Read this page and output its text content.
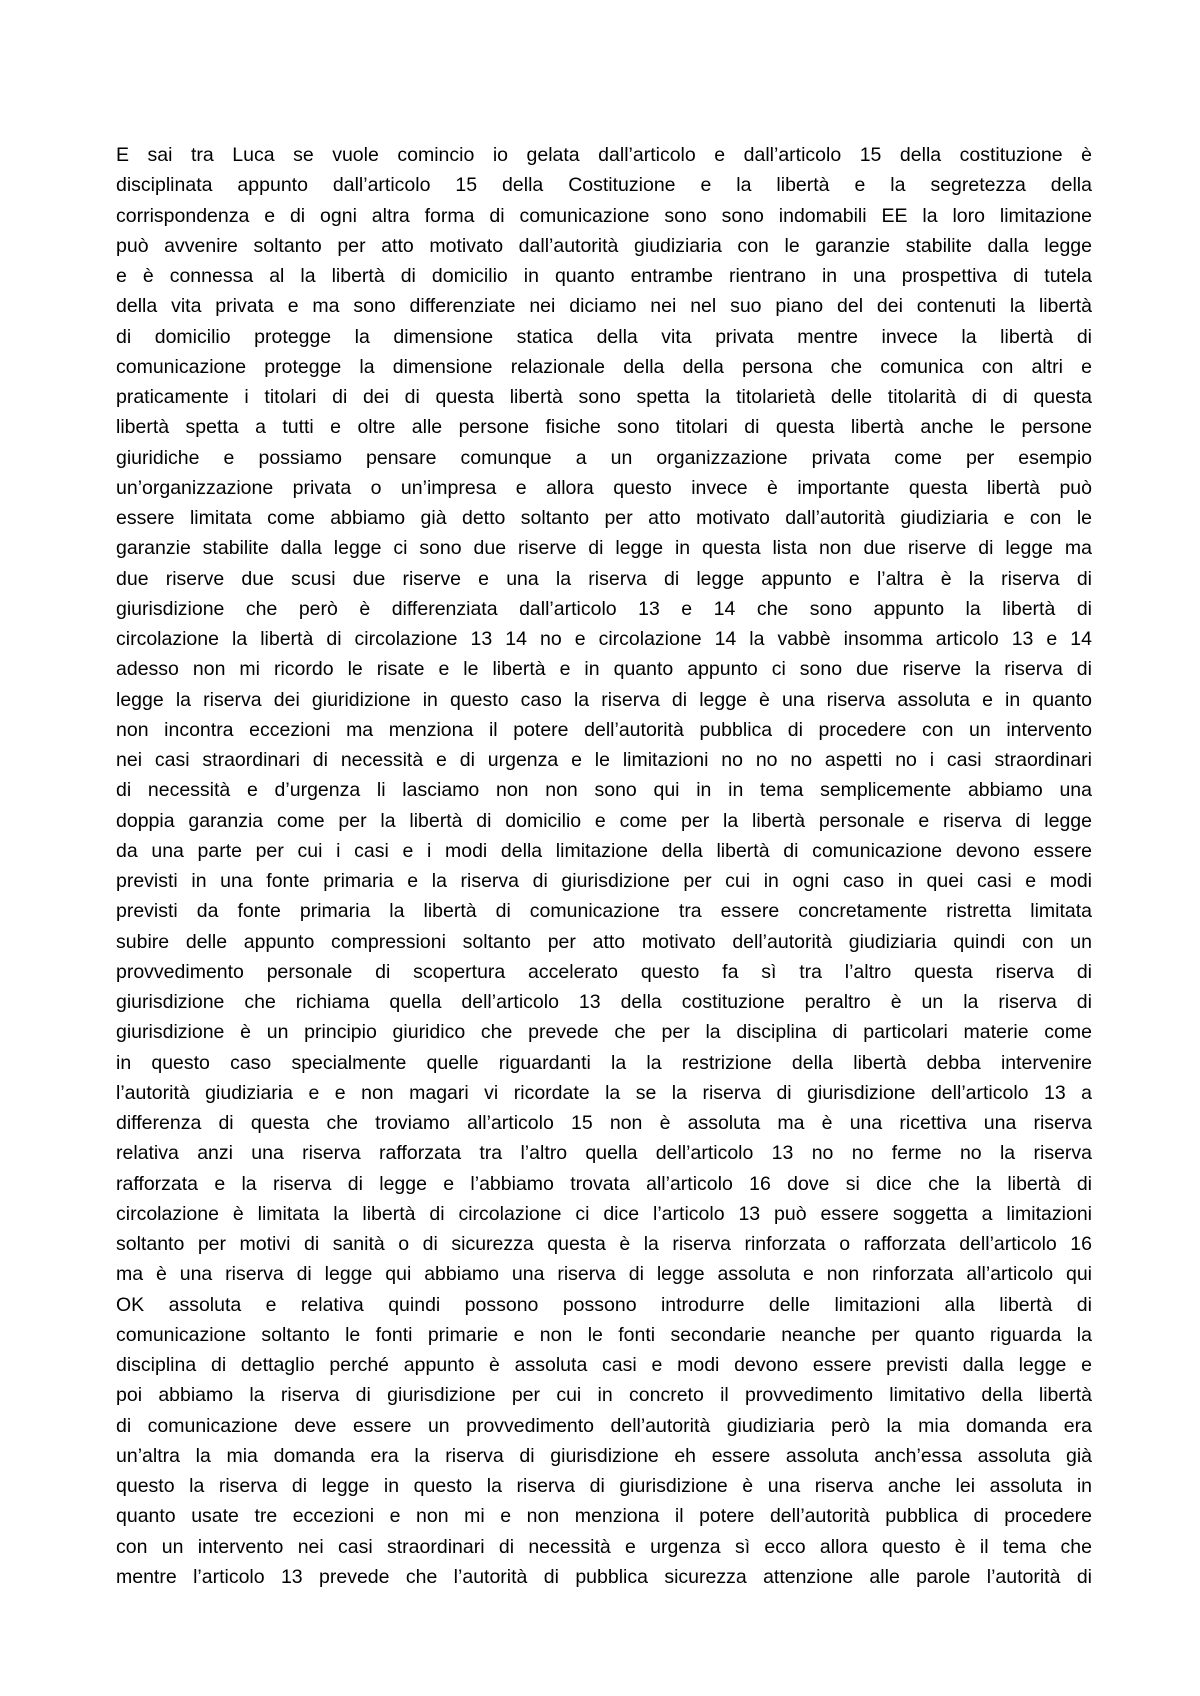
E sai tra Luca se vuole comincio io gelata dall’articolo e dall’articolo 15 della costituzione è
disciplinata appunto dall’articolo 15 della Costituzione e la libertà e la segretezza della
corrispondenza e di ogni altra forma di comunicazione sono sono indomabili EE la loro limitazione
può avvenire soltanto per atto motivato dall’autorità giudiziaria con le garanzie stabilite dalla legge
e è connessa al la libertà di domicilio in quanto entrambe rientrano in una prospettiva di tutela
della vita privata e ma sono differenziate nei diciamo nei nel suo piano del dei contenuti la libertà
di domicilio protegge la dimensione statica della vita privata mentre invece la libertà di
comunicazione protegge la dimensione relazionale della della persona che comunica con altri e
praticamente i titolari di dei di questa libertà sono spetta la titolarietà delle titolarità di di questa
libertà spetta a tutti e oltre alle persone fisiche sono titolari di questa libertà anche le persone
giuridiche e possiamo pensare comunque a un organizzazione privata come per esempio
un’organizzazione privata o un’impresa e allora questo invece è importante questa libertà può
essere limitata come abbiamo già detto soltanto per atto motivato dall’autorità giudiziaria e con le
garanzie stabilite dalla legge ci sono due riserve di legge in questa lista non due riserve di legge ma
due riserve due scusi due riserve e una la riserva di legge appunto e l’altra è la riserva di
giurisdizione che però è differenziata dall’articolo 13 e 14 che sono appunto la libertà di
circolazione la libertà di circolazione 13 14 no e circolazione 14 la vabbè insomma articolo 13 e 14
adesso non mi ricordo le risate e le libertà e in quanto appunto ci sono due riserve la riserva di
legge la riserva dei giuridizione in questo caso la riserva di legge è una riserva assoluta e in quanto
non incontra eccezioni ma menziona il potere dell’autorità pubblica di procedere con un intervento
nei casi straordinari di necessità e di urgenza e le limitazioni no no no aspetti no i casi straordinari
di necessità e d’urgenza li lasciamo non non sono qui in in tema semplicemente abbiamo una
doppia garanzia come per la libertà di domicilio e come per la libertà personale e riserva di legge
da una parte per cui i casi e i modi della limitazione della libertà di comunicazione devono essere
previsti in una fonte primaria e la riserva di giurisdizione per cui in ogni caso in quei casi e modi
previsti da fonte primaria la libertà di comunicazione tra essere concretamente ristretta limitata
subire delle appunto compressioni soltanto per atto motivato dell’autorità giudiziaria quindi con un
provvedimento personale di scopertura accelerato questo fa sì tra l’altro questa riserva di
giurisdizione che richiama quella dell’articolo 13 della costituzione peraltro è un la riserva di
giurisdizione è un principio giuridico che prevede che per la disciplina di particolari materie come
in questo caso specialmente quelle riguardanti la la restrizione della libertà debba intervenire
l’autorità giudiziaria e e non magari vi ricordate la se la riserva di giurisdizione dell’articolo 13 a
differenza di questa che troviamo all’articolo 15 non è assoluta ma è una ricettiva una riserva
relativa anzi una riserva rafforzata tra l’altro quella dell’articolo 13 no no ferme no la riserva
rafforzata e la riserva di legge e l’abbiamo trovata all’articolo 16 dove si dice che la libertà di
circolazione è limitata la libertà di circolazione ci dice l’articolo 13 può essere soggetta a limitazioni
soltanto per motivi di sanità o di sicurezza questa è la riserva rinforzata o rafforzata dell’articolo 16
ma è una riserva di legge qui abbiamo una riserva di legge assoluta e non rinforzata all’articolo qui
OK assoluta e relativa quindi possono possono introdurre delle limitazioni alla libertà di
comunicazione soltanto le fonti primarie e non le fonti secondarie neanche per quanto riguarda la
disciplina di dettaglio perché appunto è assoluta casi e modi devono essere previsti dalla legge e
poi abbiamo la riserva di giurisdizione per cui in concreto il provvedimento limitativo della libertà
di comunicazione deve essere un provvedimento dell’autorità giudiziaria però la mia domanda era
un’altra la mia domanda era la riserva di giurisdizione eh essere assoluta anch’essa assoluta già
questo la riserva di legge in questo la riserva di giurisdizione è una riserva anche lei assoluta in
quanto usate tre eccezioni e non mi e non menziona il potere dell’autorità pubblica di procedere
con un intervento nei casi straordinari di necessità e urgenza sì ecco allora questo è il tema che
mentre l’articolo 13 prevede che l’autorità di pubblica sicurezza attenzione alle parole l’autorità di
